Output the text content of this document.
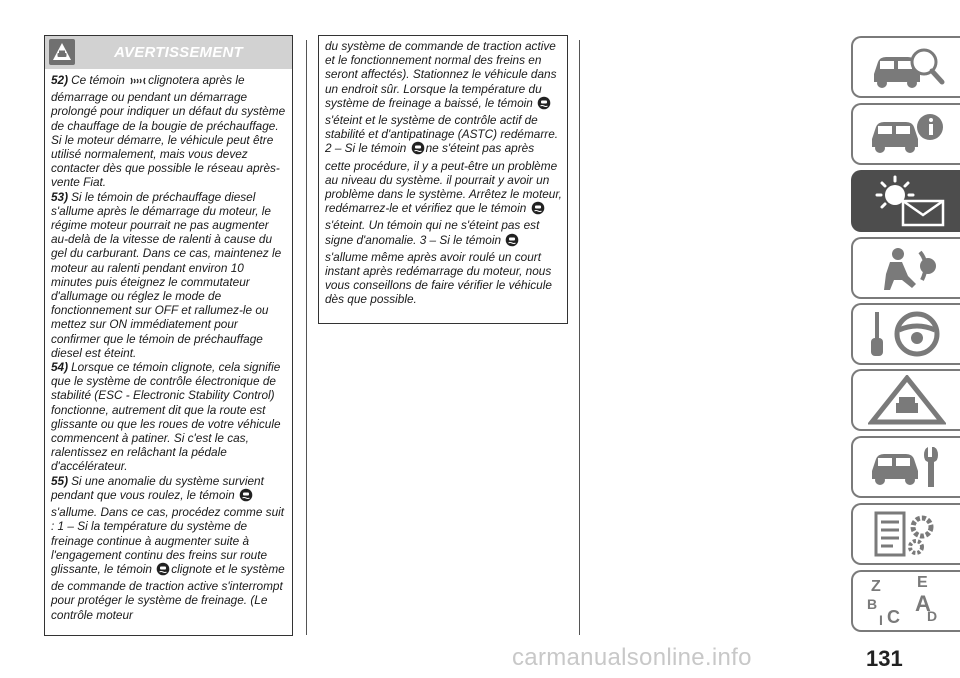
AVERTISSEMENT

52) Ce témoin clignotera après le démarrage ou pendant un démarrage prolongé pour indiquer un défaut du système de chauffage de la bougie de préchauffage. Si le moteur démarre, le véhicule peut être utilisé normalement, mais vous devez contacter dès que possible le réseau après-vente Fiat.

53) Si le témoin de préchauffage diesel s'allume après le démarrage du moteur, le régime moteur pourrait ne pas augmenter au-delà de la vitesse de ralenti à cause du gel du carburant. Dans ce cas, maintenez le moteur au ralenti pendant environ 10 minutes puis éteignez le commutateur d'allumage ou réglez le mode de fonctionnement sur OFF et rallumez-le ou mettez sur ON immédiatement pour confirmer que le témoin de préchauffage diesel est éteint.

54) Lorsque ce témoin clignote, cela signifie que le système de contrôle électronique de stabilité (ESC - Electronic Stability Control) fonctionne, autrement dit que la route est glissante ou que les roues de votre véhicule commencent à patiner. Si c'est le cas, ralentissez en relâchant la pédale d'accélérateur.

55) Si une anomalie du système survient pendant que vous roulez, le témoin s'allume. Dans ce cas, procédez comme suit : 1 – Si la température du système de freinage continue à augmenter suite à l'engagement continu des freins sur route glissante, le témoin clignote et le système de commande de traction active s'interrompt pour protéger le système de freinage. (Le contrôle moteur

du système de commande de traction active et le fonctionnement normal des freins en seront affectés). Stationnez le véhicule dans un endroit sûr. Lorsque la température du système de freinage a baissé, le témoin s'éteint et le système de contrôle actif de stabilité et d'antipatinage (ASTC) redémarre. 2 – Si le témoin ne s'éteint pas après cette procédure, il y a peut-être un problème au niveau du système. il pourrait y avoir un problème dans le système. Arrêtez le moteur, redémarrez-le et vérifiez que le témoin s'éteint. Un témoin qui ne s'éteint pas est signe d'anomalie. 3 – Si le témoin s'allume même après avoir roulé un court instant après redémarrage du moteur, nous vous conseillons de faire vérifier le véhicule dès que possible.

Z E
B A
C D
I
carmanualsonline.info	131
